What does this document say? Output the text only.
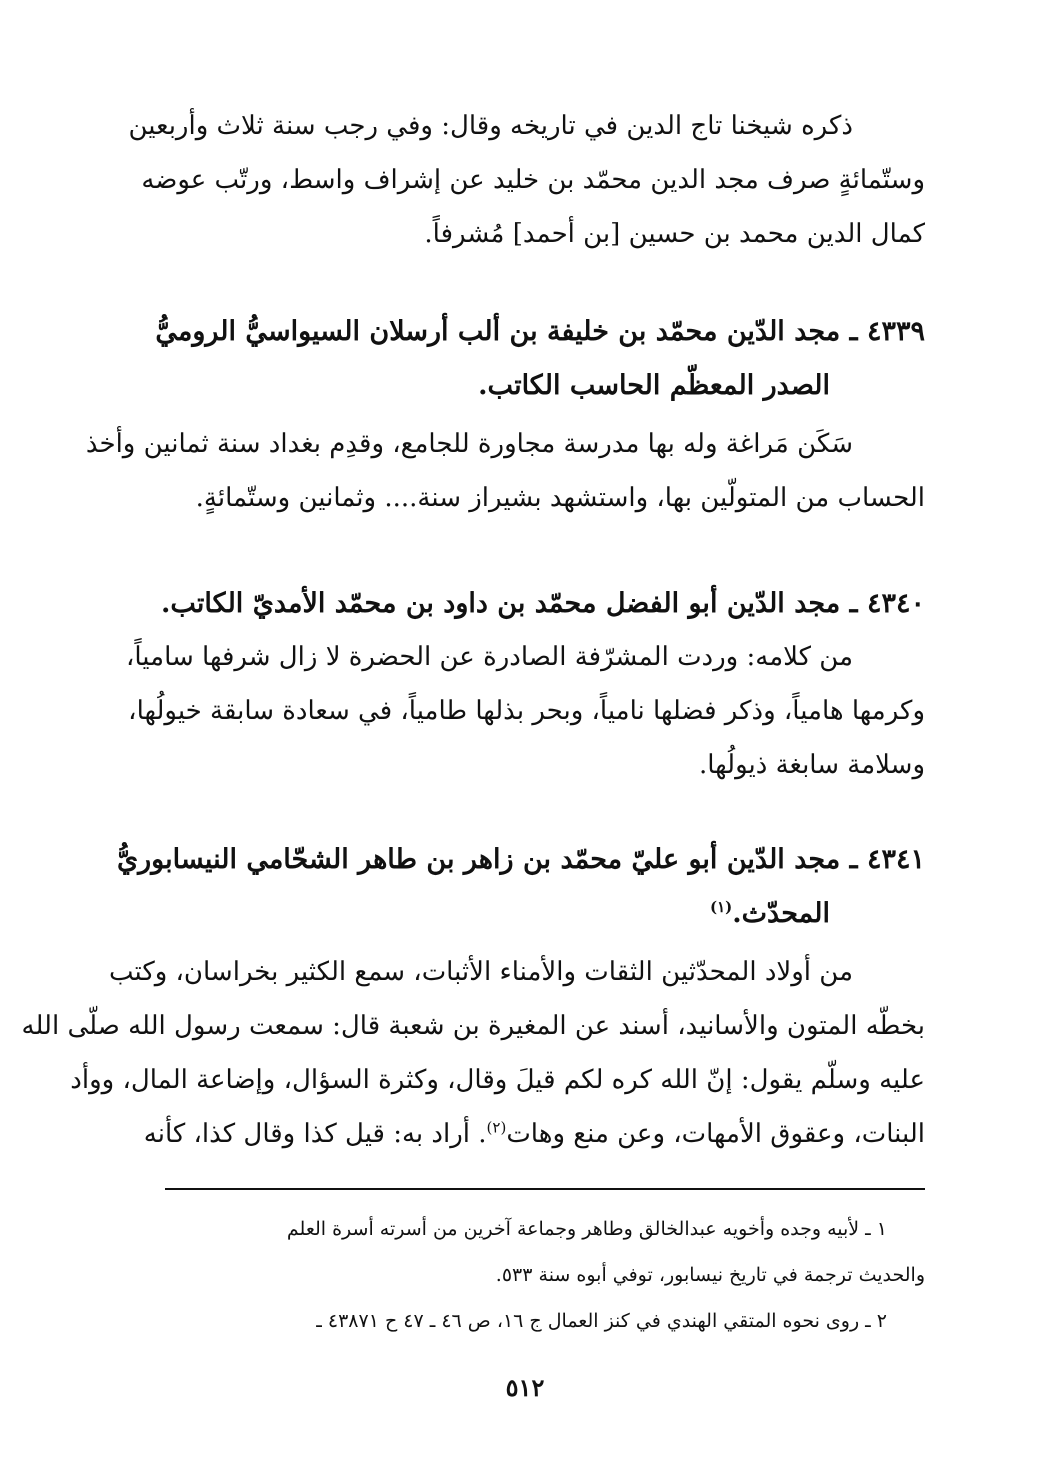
ذكره شيخنا تاج الدين في تاريخه وقال: وفي رجب سنة ثلاث وأربعين
وستّمائةٍ صرف مجد الدين محمّد بن خليد عن إشراف واسط، ورتّب عوضه
كمال الدين محمد بن حسين [بن أحمد] مُشرفاً.
٤٣٣٩ ـ مجد الدّين محمّد بن خليفة بن ألب أرسلان السيواسيُّ الروميُّ
الصدر المعظّم الحاسب الكاتب.
سَكَن مَراغة وله بها مدرسة مجاورة للجامع، وقدِم بغداد سنة ثمانين وأخذ
الحساب من المتولّين بها، واستشهد بشيراز سنة.... وثمانين وستّمائةٍ.
٤٣٤٠ ـ مجد الدّين أبو الفضل محمّد بن داود بن محمّد الأمديّ الكاتب.
من كلامه: وردت المشرّفة الصادرة عن الحضرة لا زال شرفها سامياً،
وكرمها هامياً، وذكر فضلها نامياً، وبحر بذلها طامياً، في سعادة سابقة خيولُها،
وسلامة سابغة ذيولُها.
٤٣٤١ ـ مجد الدّين أبو عليّ محمّد بن زاهر بن طاهر الشحّامي النيسابوريُّ
المحدّث.$^{(١)}$
من أولاد المحدّثين الثقات والأمناء الأثبات، سمع الكثير بخراسان، وكتب
بخطّه المتون والأسانيد، أسند عن المغيرة بن شعبة قال: سمعت رسول الله صلّى الله
عليه وسلّم يقول: إنّ الله كره لكم قيلَ وقال، وكثرة السؤال، وإضاعة المال، ووأد
البنات، وعقوق الأمهات، وعن منع وهات$^{(٢)}$. أراد به: قيل كذا وقال كذا، كأنه
١ ـ لأبيه وجده وأخويه عبدالخالق وطاهر وجماعة آخرين من أسرته أسرة العلم
والحديث ترجمة في تاريخ نيسابور، توفي أبوه سنة ٥٣٣.
٢ ـ روى نحوه المتقي الهندي في كنز العمال ج ١٦، ص ٤٦ ـ ٤٧ ح ٤٣٨٧١ ـ
٥١٢
